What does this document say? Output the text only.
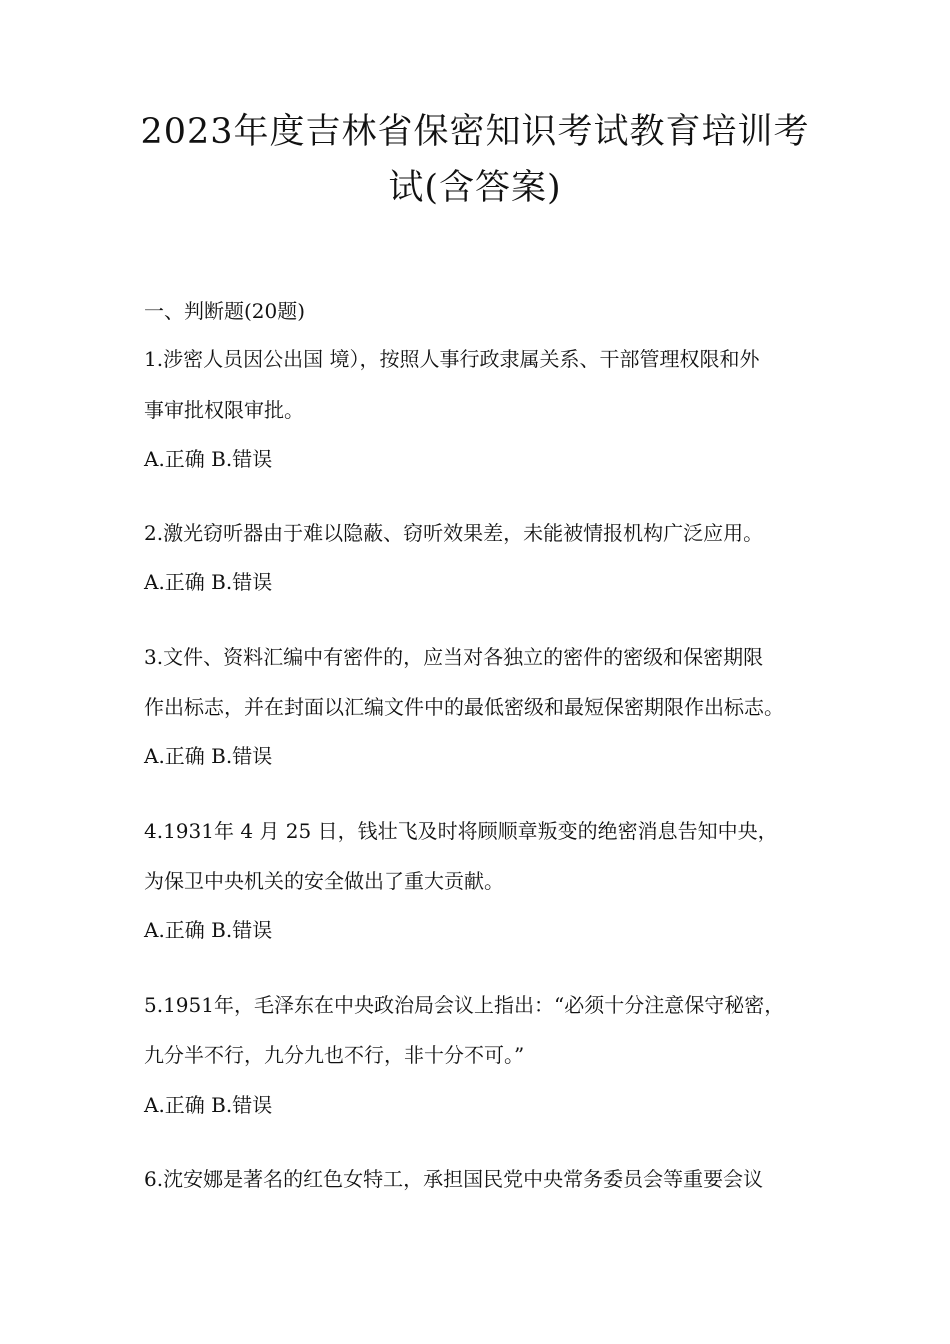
2023年度吉林省保密知识考试教育培训考
试(含答案)

一、判断题(20题)

1.涉密人员因公出国 境），按照人事行政隶属关系、干部管理权限和外

事审批权限审批。

A.正确 B.错误

2.激光窃听器由于难以隐蔽、窃听效果差，未能被情报机构广泛应用。

A.正确 B.错误

3.文件、资料汇编中有密件的，应当对各独立的密件的密级和保密期限

作出标志，并在封面以汇编文件中的最低密级和最短保密期限作出标志。

A.正确 B.错误

4.1931年 4 月 25 日，钱壮飞及时将顾顺章叛变的绝密消息告知中央，

为保卫中央机关的安全做出了重大贡献。

A.正确 B.错误

5.1951年，毛泽东在中央政治局会议上指出：“必须十分注意保守秘密，

九分半不行，九分九也不行，非十分不可。”

A.正确 B.错误

6.沈安娜是著名的红色女特工，承担国民党中央常务委员会等重要会议
